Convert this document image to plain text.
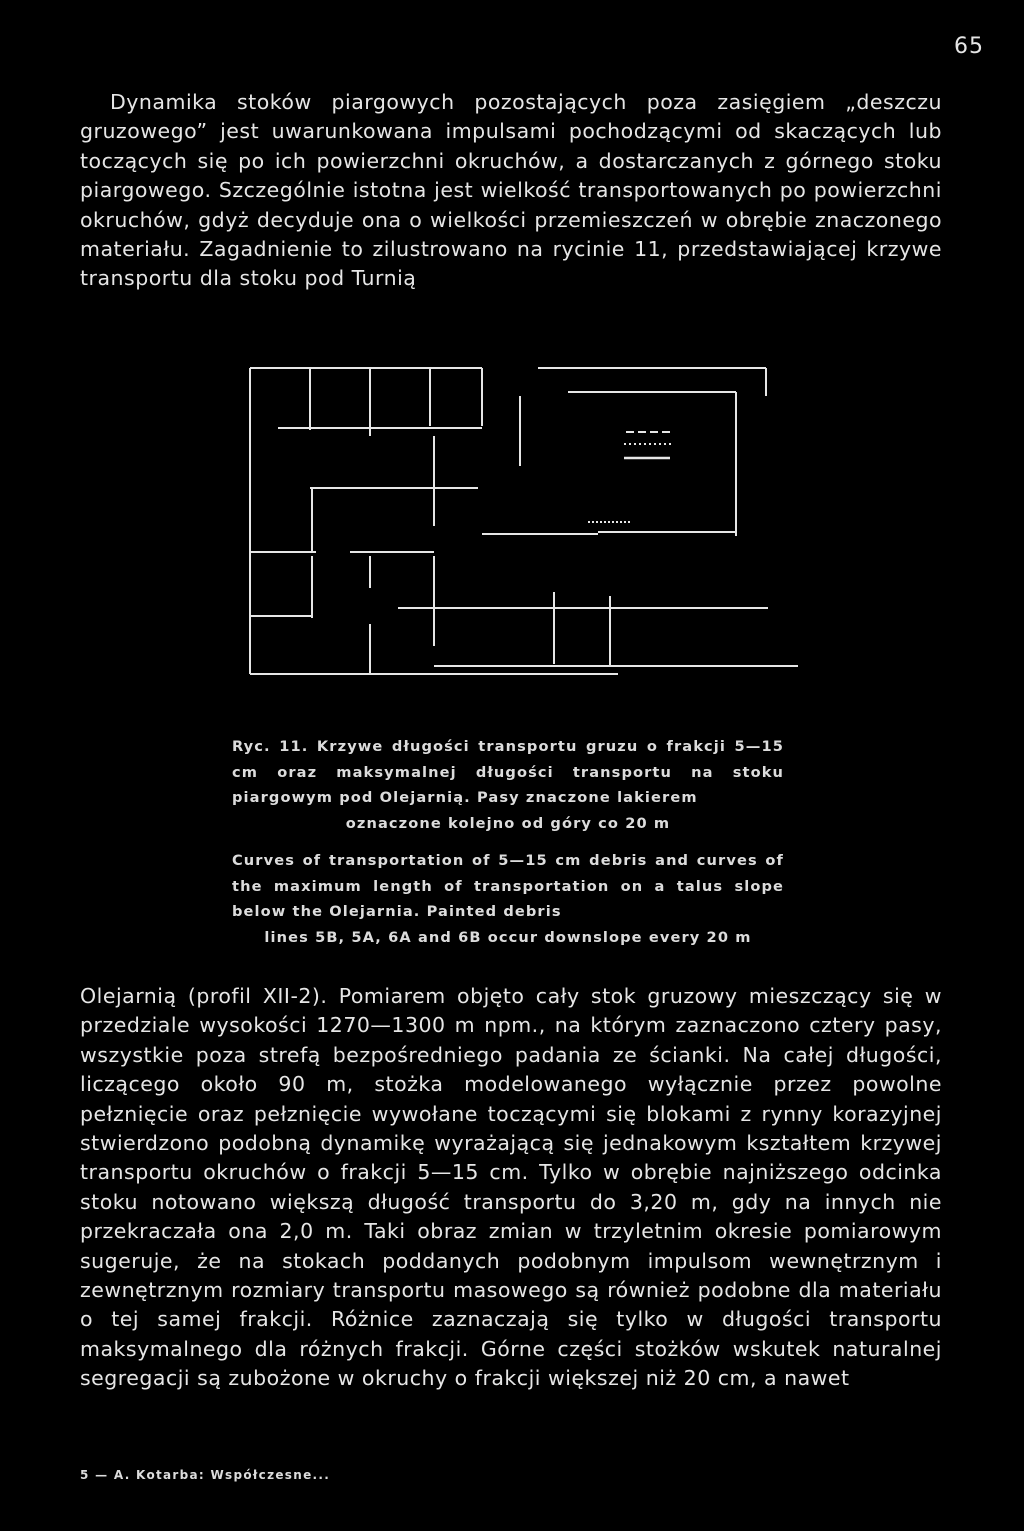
65

Dynamika stoków piargowych pozostających poza zasięgiem „deszczu gruzowego” jest uwarunkowana impulsami pochodzącymi od skaczących lub toczących się po ich powierzchni okruchów, a dostarczanych z górnego stoku piargowego. Szczególnie istotna jest wielkość transportowanych po powierzchni okruchów, gdyż decyduje ona o wielkości przemieszczeń w obrębie znaczonego materiału. Zagadnienie to zilustrowano na rycinie 11, przedstawiającej krzywe transportu dla stoku pod Turnią

Ryc. 11. Krzywe długości transportu gruzu o frakcji 5—15 cm oraz maksymalnej długości transportu na stoku piargowym pod Olejarnią. Pasy znaczone lakierem
oznaczone kolejno od góry co 20 m

Curves of transportation of 5—15 cm debris and curves of the maximum length of transportation on a talus slope below the Olejarnia. Painted debris
lines 5B, 5A, 6A and 6B occur downslope every 20 m

Olejarnią (profil XII-2). Pomiarem objęto cały stok gruzowy mieszczący się w przedziale wysokości 1270—1300 m npm., na którym zaznaczono cztery pasy, wszystkie poza strefą bezpośredniego padania ze ścianki. Na całej długości, liczącego około 90 m, stożka modelowanego wyłącznie przez powolne pełznięcie oraz pełznięcie wywołane toczącymi się blokami z rynny korazyjnej stwierdzono podobną dynamikę wyrażającą się jednakowym kształtem krzywej transportu okruchów o frakcji 5—15 cm. Tylko w obrębie najniższego odcinka stoku notowano większą długość transportu do 3,20 m, gdy na innych nie przekraczała ona 2,0 m. Taki obraz zmian w trzyletnim okresie pomiarowym sugeruje, że na stokach poddanych podobnym impulsom wewnętrznym i zewnętrznym rozmiary transportu masowego są również podobne dla materiału o tej samej frakcji. Różnice zaznaczają się tylko w długości transportu maksymalnego dla różnych frakcji. Górne części stożków wskutek naturalnej segregacji są zubożone w okruchy o frakcji większej niż 20 cm, a nawet

5 — A. Kotarba: Współczesne...
